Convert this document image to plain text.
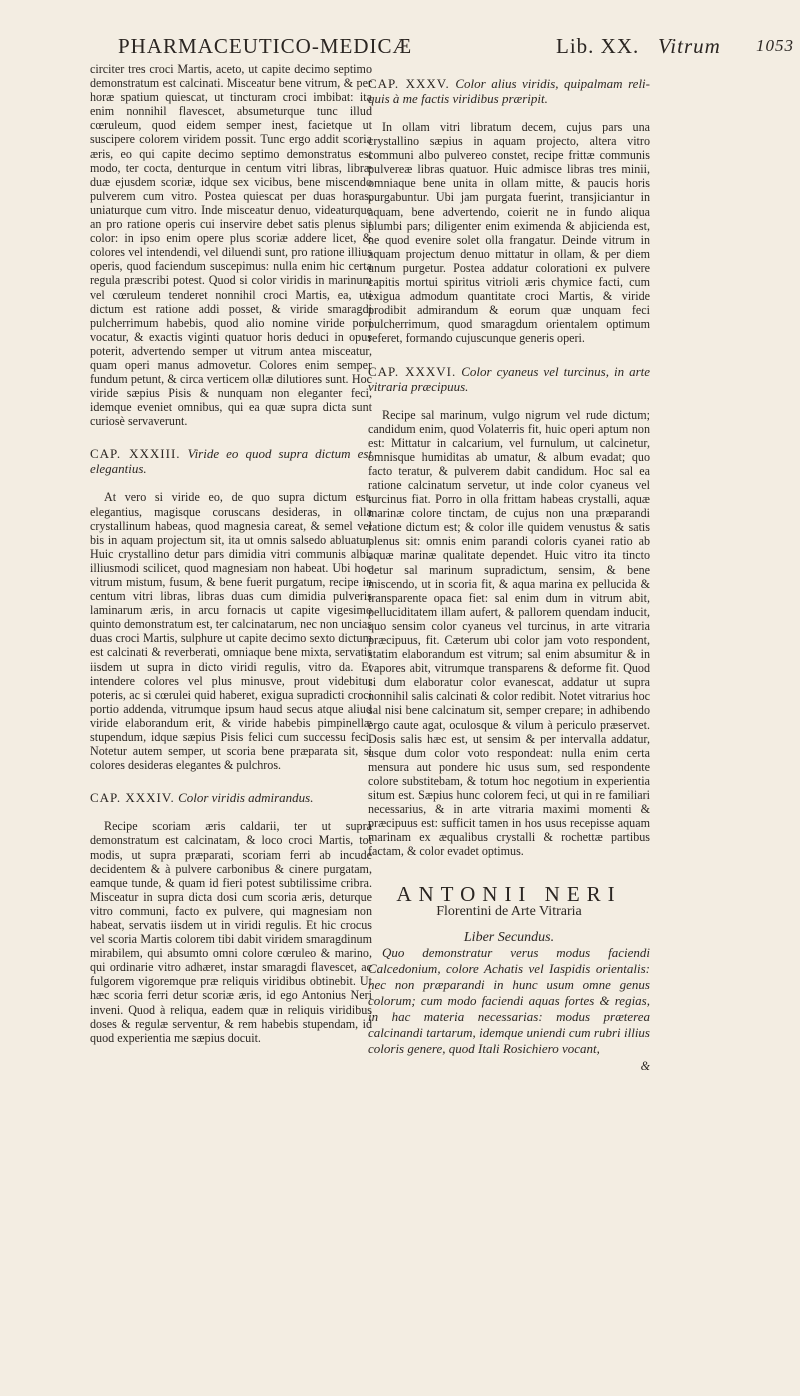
PHARMACEUTICO-MEDICÆ	Lib. XX. Vitrum 1053

circiter tres croci Martis, aceto, ut capite decimo septimo demonstratum est calcinati. Misceatur bene vitrum, & per horæ spatium quiescat, ut tincturam croci imbibat: ita enim nonnihil flavescet, absumeturque tunc illud cœruleum, quod eidem semper inest, facietque ut suscipere colorem viridem possit. Tunc ergo addit scoria æris, eo qui capite decimo septimo demonstratus est modo, ter cocta, denturque in centum vitri libras, libræ duæ ejusdem scoriæ, idque sex vicibus, bene miscendo pulverem cum vitro. Postea quiescat per duas horas, uniaturque cum vitro. Inde misceatur denuo, videaturque an pro ratione operis cui inservire debet satis plenus sit color: in ipso enim opere plus scoriæ addere licet, & colores vel intendendi, vel diluendi sunt, pro ratione illius operis, quod faciendum suscepimus: nulla enim hic certa regula præscribi potest. Quod si color viridis in marinum vel cœruleum tenderet nonnihil croci Martis, ea, uti dictum est ratione addi posset, & viride smaragdi pulcherrimum habebis, quod alio nomine viride pori vocatur, & exactis viginti quatuor horis deduci in opus poterit, advertendo semper ut vitrum antea misceatur, quam operi manus admovetur. Colores enim semper fundum petunt, & circa verticem ollæ dilutiores sunt. Hoc viride sæpius Pisis & nunquam non eleganter feci, idemque eveniet omnibus, qui ea quæ supra dicta sunt curiosè servaverunt.

CAP. XXXIII. Viride eo quod supra dictum est elegantius.

At vero si viride eo, de quo supra dictum est, elegantius, magisque coruscans desideras, in olla crystallinum habeas, quod magnesia careat, & semel vel bis in aquam projectum sit, ita ut omnis salsedo abluatur. Huic crystallino detur pars dimidia vitri communis albi, illiusmodi scilicet, quod magnesiam non habeat. Ubi hoc vitrum mistum, fusum, & bene fuerit purgatum, recipe in centum vitri libras, libras duas cum dimidia pulveris laminarum æris, in arcu fornacis ut capite vigesimo quinto demonstratum est, ter calcinatarum, nec non uncias duas croci Martis, sulphure ut capite decimo sexto dictum est calcinati & reverberati, omniaque bene mixta, servatis iisdem ut supra in dicto viridi regulis, vitro da. Et intendere colores vel plus minusve, prout videbitur poteris, ac si cœrulei quid haberet, exigua supradicti croci portio addenda, vitrumque ipsum haud secus atque aliud viride elaborandum erit, & viride habebis pimpinellæ stupendum, idque sæpius Pisis felici cum successu feci. Notetur autem semper, ut scoria bene præparata sit, si colores desideras elegantes & pulchros.

CAP. XXXIV. Color viridis admirandus.

Recipe scoriam æris caldarii, ter ut supra demonstratum est calcinatam, & loco croci Martis, tot modis, ut supra præparati, scoriam ferri ab incude decidentem & à pulvere carbonibus & cinere purgatam, eamque tunde, & quam id fieri potest subtilissime cribra. Misceatur in supra dicta dosi cum scoria æris, deturque vitro communi, facto ex pulvere, qui magnesiam non habeat, servatis iisdem ut in viridi regulis. Et hic crocus vel scoria Martis colorem tibi dabit viridem smaragdinum mirabilem, qui absumto omni colore cœruleo & marino, qui ordinarie vitro adhæret, instar smaragdi flavescet, ac fulgorem vigoremque præ reliquis viridibus obtinebit. Ut hæc scoria ferri detur scoriæ æris, id ego Antonius Neri inveni. Quod à reliqua, eadem quæ in reliquis viridibus doses & regulæ serventur, & rem habebis stupendam, id quod experientia me sæpius docuit.

CAP. XXXV. Color alius viridis, quipalmam reli-quis à me factis viridibus præripit.

In ollam vitri libratum decem, cujus pars una crystallino sæpius in aquam projecto, altera vitro communi albo pulvereo constet, recipe frittæ communis pulvereæ libras quatuor. Huic admisce libras tres minii, omniaque bene unita in ollam mitte, & paucis horis purgabuntur. Ubi jam purgata fuerint, transjiciantur in aquam, bene advertendo, coierit ne in fundo aliqua plumbi pars; diligenter enim eximenda & abjicienda est, ne quod evenire solet olla frangatur. Deinde vitrum in aquam projectum denuo mittatur in ollam, & per diem unum purgetur. Postea addatur colorationi ex pulvere capitis mortui spiritus vitrioli æris chymice facti, cum exigua admodum quantitate croci Martis, & viride prodibit admirandum & eorum quæ unquam feci pulcherrimum, quod smaragdum orientalem optimum referet, formando cujuscunque generis operi.

CAP. XXXVI. Color cyaneus vel turcinus, in arte vitraria præcipuus.

Recipe sal marinum, vulgo nigrum vel rude dictum; candidum enim, quod Volaterris fit, huic operi aptum non est: Mittatur in calcarium, vel furnulum, ut calcinetur, omnisque humiditas ab umatur, & album evadat; quo facto teratur, & pulverem dabit candidum. Hoc sal ea ratione calcinatum servetur, ut inde color cyaneus vel turcinus fiat. Porro in olla frittam habeas crystalli, aquæ marinæ colore tinctam, de cujus non una præparandi ratione dictum est; & color ille quidem venustus & satis plenus sit: omnis enim parandi coloris cyanei ratio ab aquæ marinæ qualitate dependet. Huic vitro ita tincto detur sal marinum supradictum, sensim, & bene miscendo, ut in scoria fit, & aqua marina ex pellucida & transparente opaca fiet: sal enim dum in vitrum abit, pelluciditatem illam aufert, & pallorem quendam inducit, quo sensim color cyaneus vel turcinus, in arte vitraria præcipuus, fit. Cæterum ubi color jam voto respondent, statim elaborandum est vitrum; sal enim absumitur & in vapores abit, vitrumque transparens & deforme fit. Quod si dum elaboratur color evanescat, addatur ut supra nonnihil salis calcinati & color redibit. Notet vitrarius hoc sal nisi bene calcinatum sit, semper crepare; in adhibendo ergo caute agat, oculosque & vilum à periculo præservet. Dosis salis hæc est, ut sensim & per intervalla addatur, usque dum color voto respondeat: nulla enim certa mensura aut pondere hic usus sum, sed respondente colore substitebam, & totum hoc negotium in experientia situm est. Sæpius hunc colorem feci, ut qui in re familiari necessarius, & in arte vitraria maximi momenti & præcipuus est: sufficit tamen in hos usus recepisse aquam marinam ex æqualibus crystalli & rochettæ partibus factam, & color evadet optimus.

ANTONII NERI
Florentini de Arte Vitraria
Liber Secundus.

Quo demonstratur verus modus faciendi Calcedonium, colore Achatis vel Iaspidis orientalis: nec non præparandi in hunc usum omne genus colorum; cum modo faciendi aquas fortes & regias, in hac materia necessarias: modus præterea calcinandi tartarum, idemque uniendi cum rubri illius coloris genere, quod Itali Rosichiero vocant,

&
